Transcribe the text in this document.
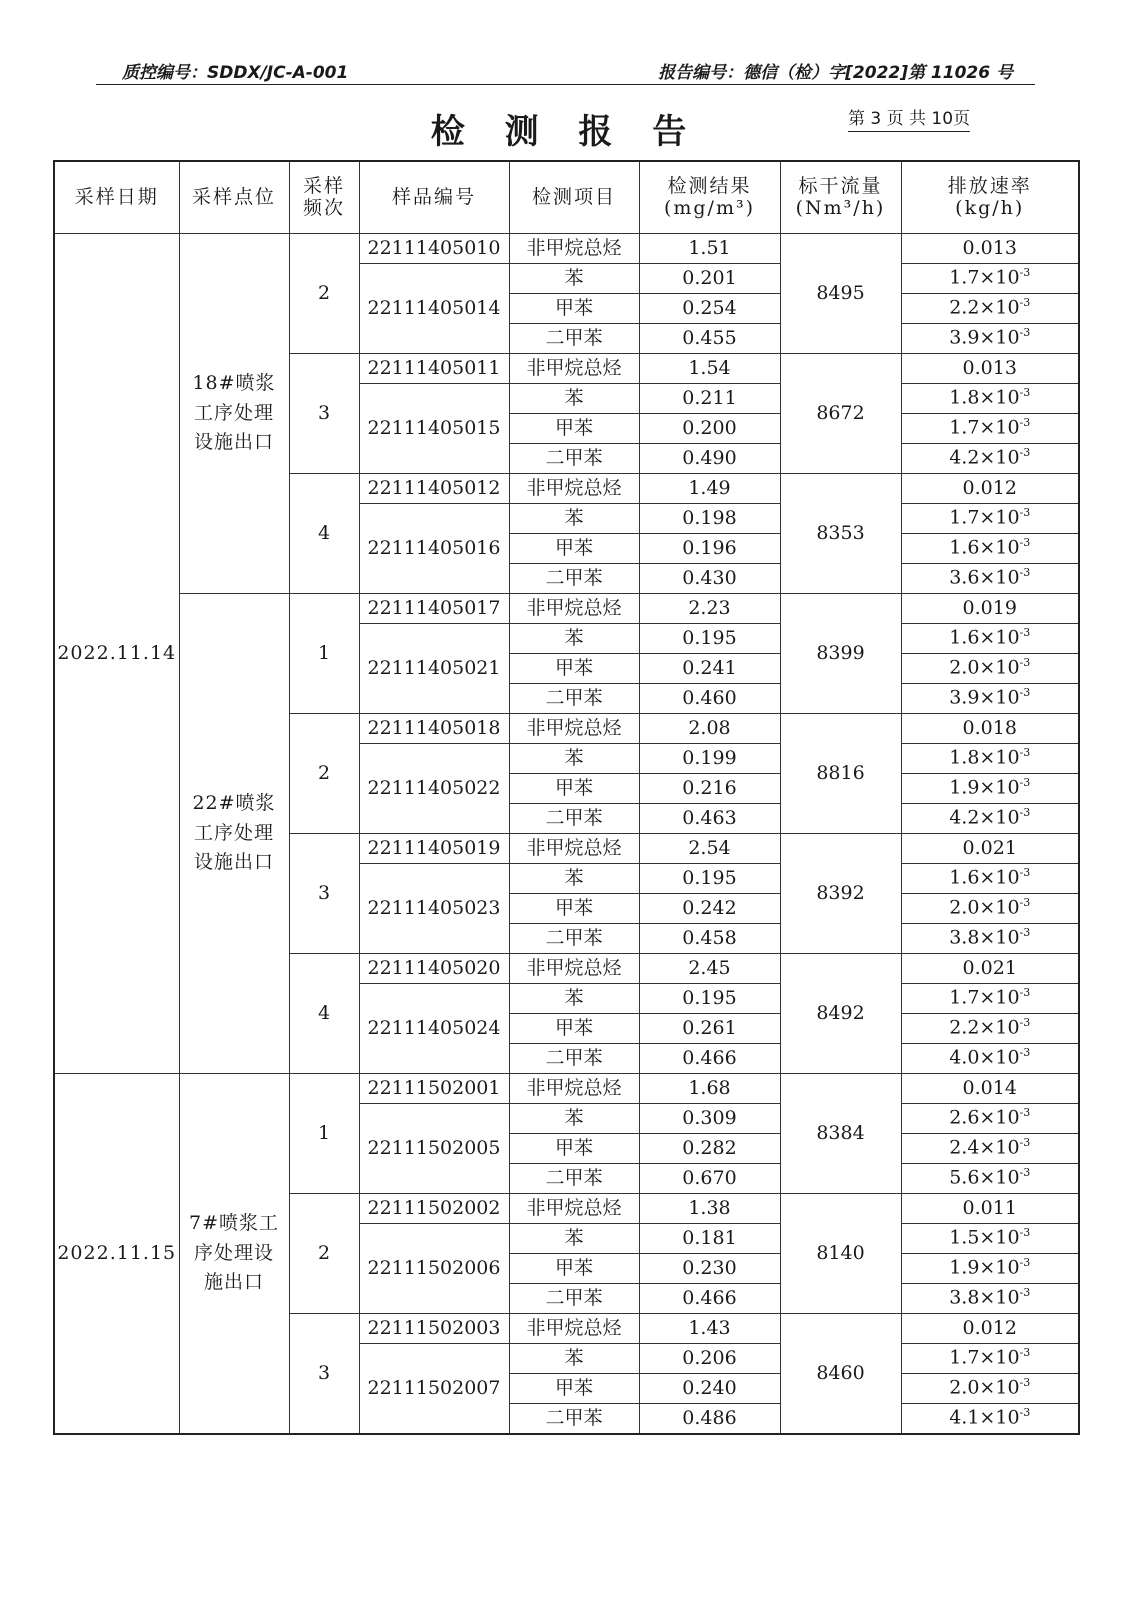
质控编号：SDDX/JC-A-001	报告编号：德信（检）字[2022]第 11026 号
检 测 报 告	第 3 页 共 10页
采样日期	采样点位	采样
频次	样品编号	检测项目	检测结果
(mg/m³)	标干流量
(Nm³/h)	排放速率
(kg/h)
2022.11.14	18#喷浆
工序处理
设施出口	2	22111405010	非甲烷总烃	1.51	8495	0.013
			22111405014	苯	0.201		$1.7\times 10^{-3}$
				甲苯	0.254		$2.2\times 10^{-3}$
				二甲苯	0.455		$3.9\times 10^{-3}$
		3	22111405011	非甲烷总烃	1.54	8672	0.013
			22111405015	苯	0.211		$1.8\times 10^{-3}$
				甲苯	0.200		$1.7\times 10^{-3}$
				二甲苯	0.490		$4.2\times 10^{-3}$
		4	22111405012	非甲烷总烃	1.49	8353	0.012
			22111405016	苯	0.198		$1.7\times 10^{-3}$
				甲苯	0.196		$1.6\times 10^{-3}$
				二甲苯	0.430		$3.6\times 10^{-3}$
	22#喷浆
工序处理
设施出口	1	22111405017	非甲烷总烃	2.23	8399	0.019
			22111405021	苯	0.195		$1.6\times 10^{-3}$
				甲苯	0.241		$2.0\times 10^{-3}$
				二甲苯	0.460		$3.9\times 10^{-3}$
		2	22111405018	非甲烷总烃	2.08	8816	0.018
			22111405022	苯	0.199		$1.8\times 10^{-3}$
				甲苯	0.216		$1.9\times 10^{-3}$
				二甲苯	0.463		$4.2\times 10^{-3}$
		3	22111405019	非甲烷总烃	2.54	8392	0.021
			22111405023	苯	0.195		$1.6\times 10^{-3}$
				甲苯	0.242		$2.0\times 10^{-3}$
				二甲苯	0.458		$3.8\times 10^{-3}$
		4	22111405020	非甲烷总烃	2.45	8492	0.021
			22111405024	苯	0.195		$1.7\times 10^{-3}$
				甲苯	0.261		$2.2\times 10^{-3}$
				二甲苯	0.466		$4.0\times 10^{-3}$
2022.11.15	7#喷浆工
序处理设
施出口	1	22111502001	非甲烷总烃	1.68	8384	0.014
			22111502005	苯	0.309		$2.6\times 10^{-3}$
				甲苯	0.282		$2.4\times 10^{-3}$
				二甲苯	0.670		$5.6\times 10^{-3}$
		2	22111502002	非甲烷总烃	1.38	8140	0.011
			22111502006	苯	0.181		$1.5\times 10^{-3}$
				甲苯	0.230		$1.9\times 10^{-3}$
				二甲苯	0.466		$3.8\times 10^{-3}$
		3	22111502003	非甲烷总烃	1.43	8460	0.012
			22111502007	苯	0.206		$1.7\times 10^{-3}$
				甲苯	0.240		$2.0\times 10^{-3}$
				二甲苯	0.486		$4.1\times 10^{-3}$
